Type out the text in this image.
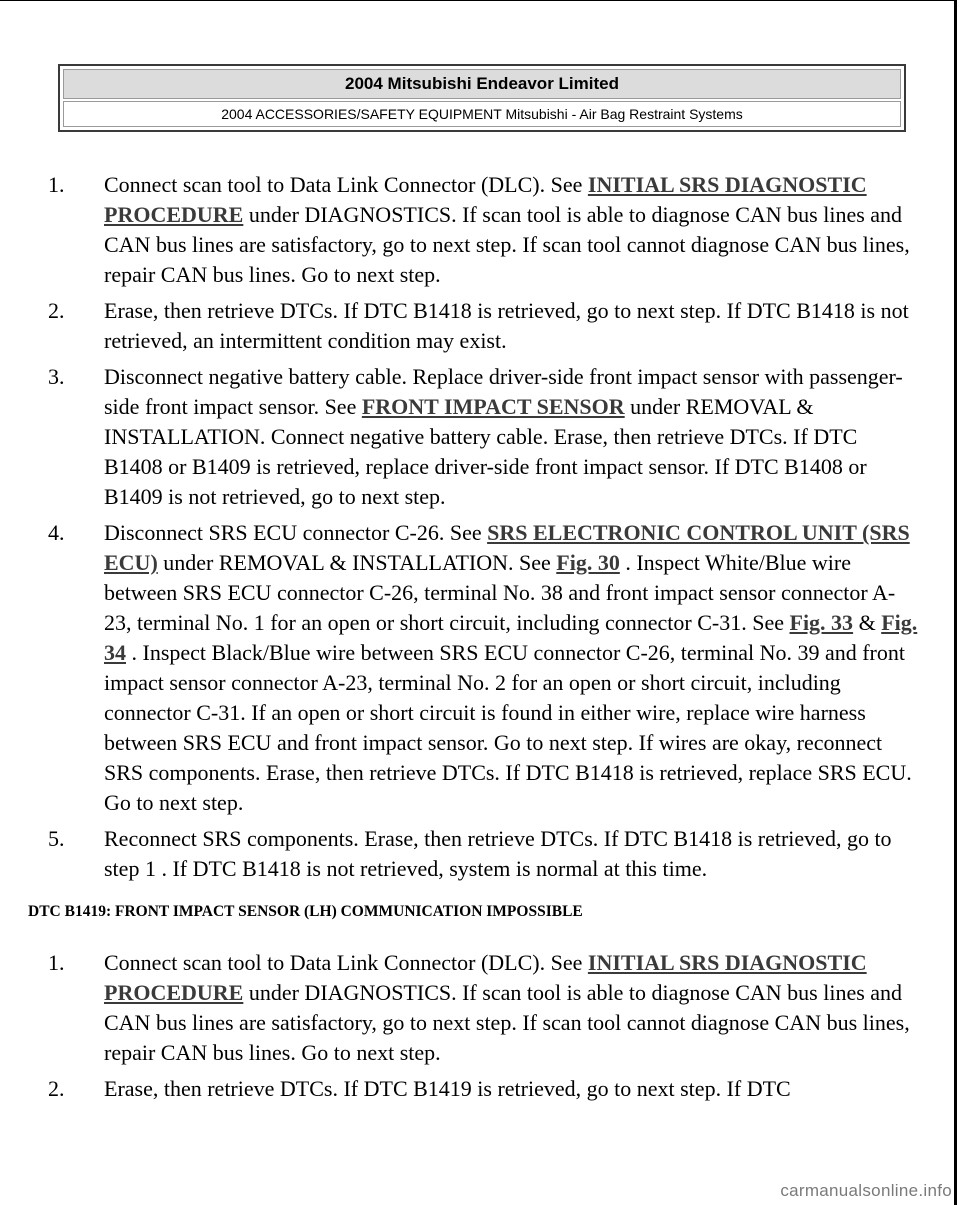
2004 Mitsubishi Endeavor Limited
2004 ACCESSORIES/SAFETY EQUIPMENT Mitsubishi - Air Bag Restraint Systems
1.	Connect scan tool to Data Link Connector (DLC). See INITIAL SRS DIAGNOSTIC PROCEDURE under DIAGNOSTICS. If scan tool is able to diagnose CAN bus lines and CAN bus lines are satisfactory, go to next step. If scan tool cannot diagnose CAN bus lines, repair CAN bus lines. Go to next step.
2.	Erase, then retrieve DTCs. If DTC B1418 is retrieved, go to next step. If DTC B1418 is not retrieved, an intermittent condition may exist.
3.	Disconnect negative battery cable. Replace driver-side front impact sensor with passenger-side front impact sensor. See FRONT IMPACT SENSOR under REMOVAL & INSTALLATION. Connect negative battery cable. Erase, then retrieve DTCs. If DTC B1408 or B1409 is retrieved, replace driver-side front impact sensor. If DTC B1408 or B1409 is not retrieved, go to next step.
4.	Disconnect SRS ECU connector C-26. See SRS ELECTRONIC CONTROL UNIT (SRS ECU) under REMOVAL & INSTALLATION. See Fig. 30 . Inspect White/Blue wire between SRS ECU connector C-26, terminal No. 38 and front impact sensor connector A-23, terminal No. 1 for an open or short circuit, including connector C-31. See Fig. 33 & Fig. 34 . Inspect Black/Blue wire between SRS ECU connector C-26, terminal No. 39 and front impact sensor connector A-23, terminal No. 2 for an open or short circuit, including connector C-31. If an open or short circuit is found in either wire, replace wire harness between SRS ECU and front impact sensor. Go to next step. If wires are okay, reconnect SRS components. Erase, then retrieve DTCs. If DTC B1418 is retrieved, replace SRS ECU. Go to next step.
5.	Reconnect SRS components. Erase, then retrieve DTCs. If DTC B1418 is retrieved, go to step 1 . If DTC B1418 is not retrieved, system is normal at this time.
DTC B1419: FRONT IMPACT SENSOR (LH) COMMUNICATION IMPOSSIBLE
1.	Connect scan tool to Data Link Connector (DLC). See INITIAL SRS DIAGNOSTIC PROCEDURE under DIAGNOSTICS. If scan tool is able to diagnose CAN bus lines and CAN bus lines are satisfactory, go to next step. If scan tool cannot diagnose CAN bus lines, repair CAN bus lines. Go to next step.
2.	Erase, then retrieve DTCs. If DTC B1419 is retrieved, go to next step. If DTC
carmanualsonline.info
